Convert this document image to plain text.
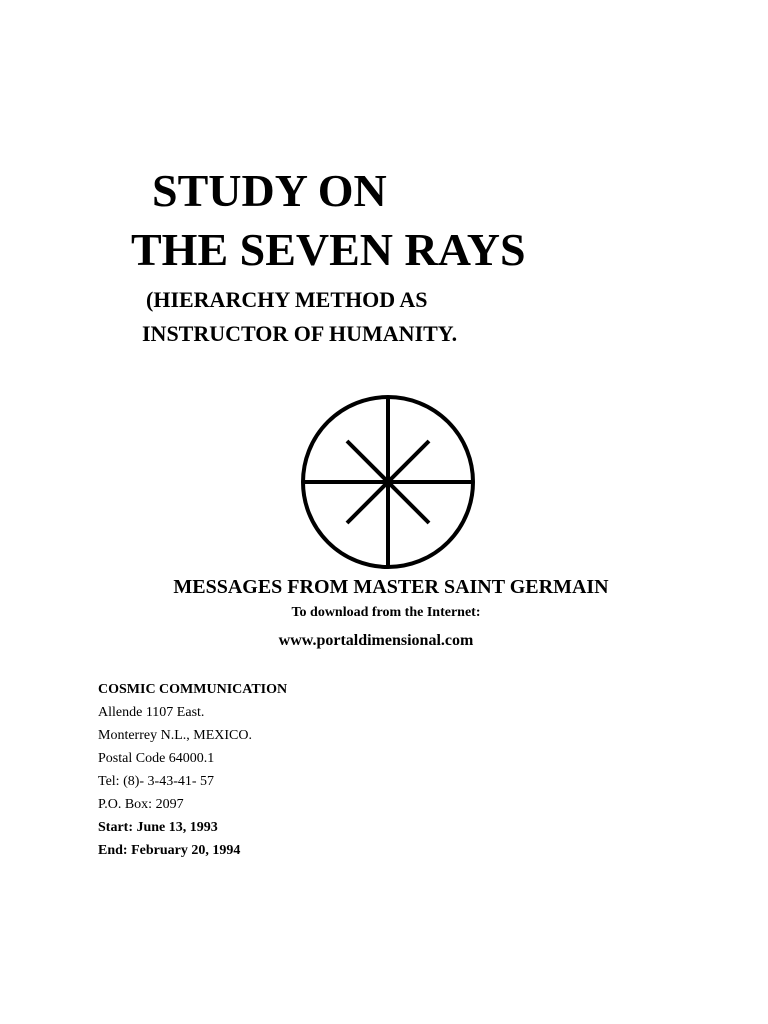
STUDY ON
THE SEVEN RAYS
(HIERARCHY METHOD AS
INSTRUCTOR OF HUMANITY.
MESSAGES FROM MASTER SAINT GERMAIN
To download from the Internet:
www.portaldimensional.com
COSMIC COMMUNICATION
Allende 1107 East.
Monterrey N.L., MEXICO.
Postal Code 64000.1
Tel: (8)- 3-43-41- 57
P.O. Box: 2097
Start: June 13, 1993
End: February 20, 1994
